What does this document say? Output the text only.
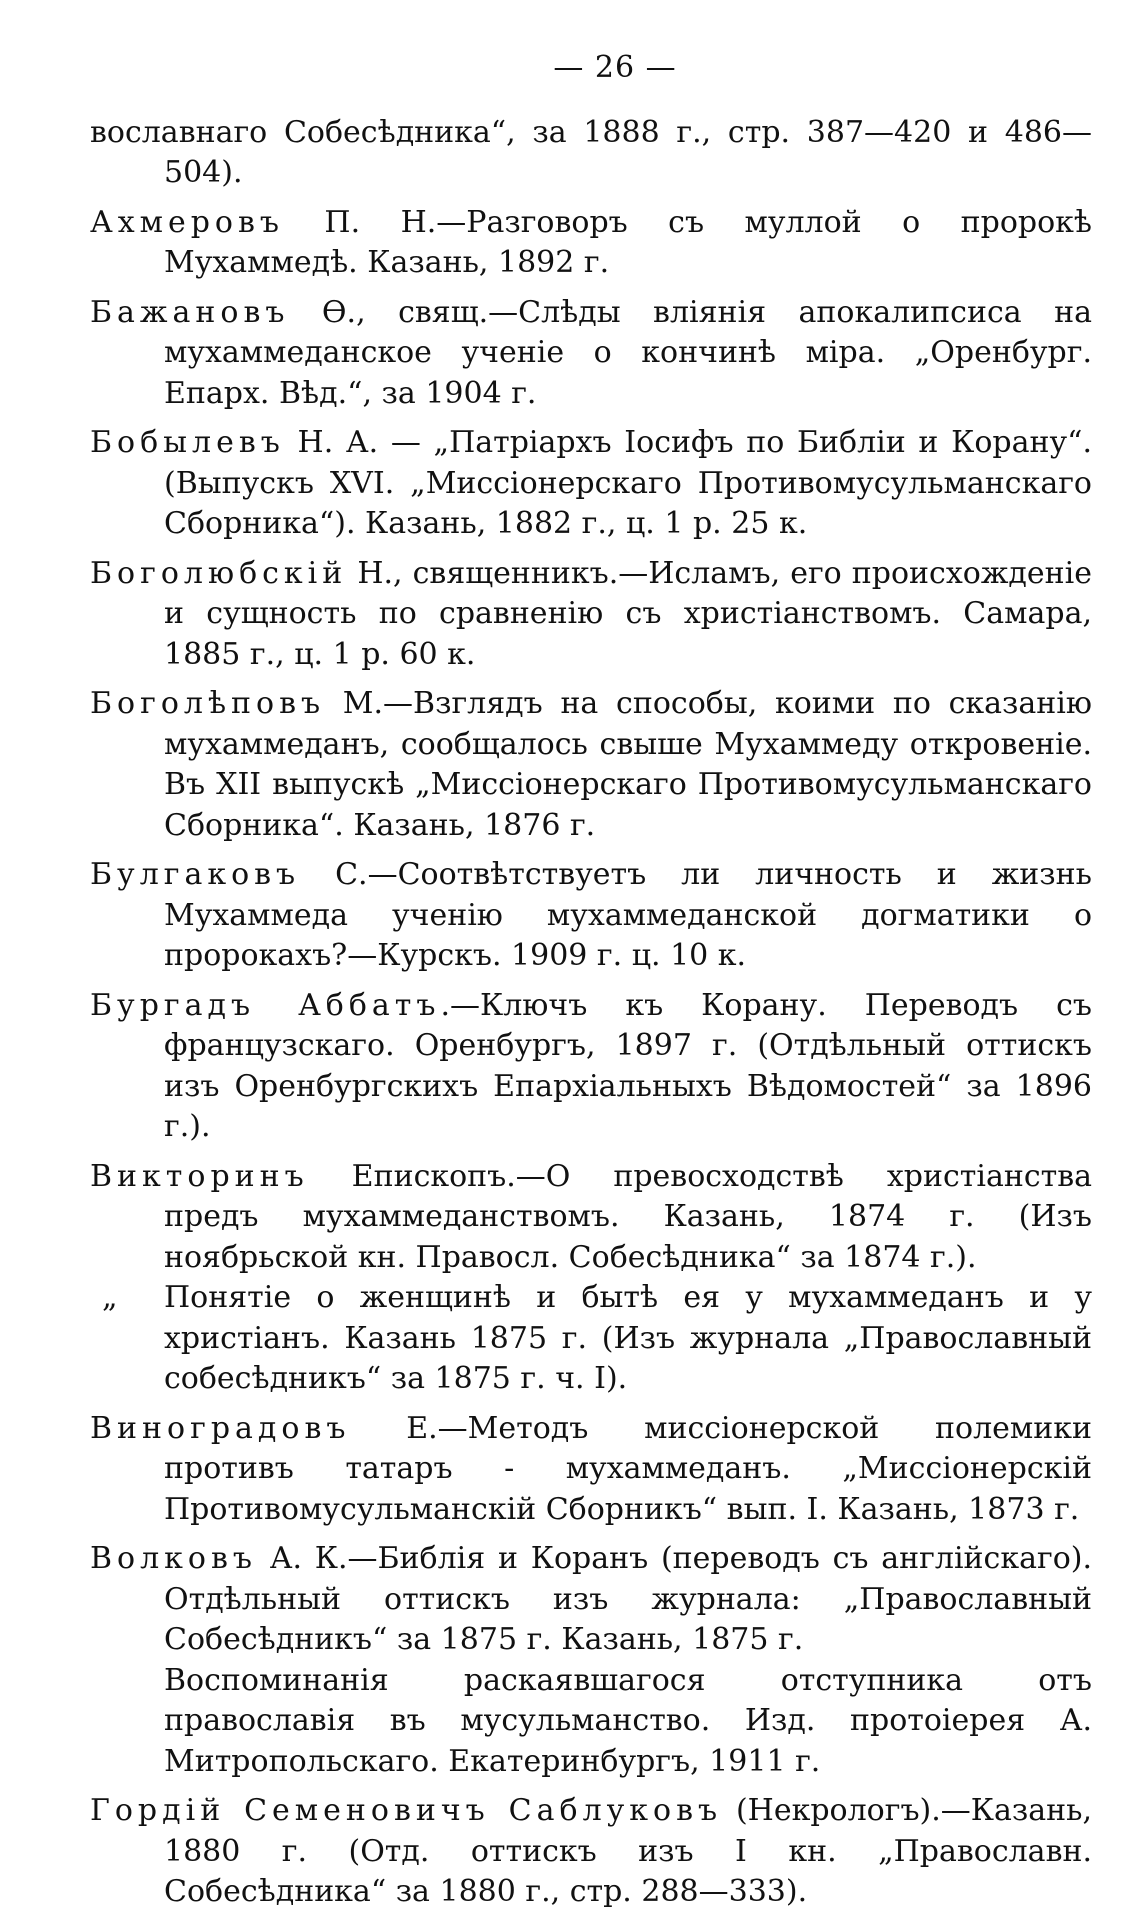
— 26 —
вославнаго Собесѣдника“, за 1888 г., стр. 387—420 и 486—504).
Ахмеровъ П. Н.—Разговоръ съ муллой о пророкѣ Мухаммедѣ. Казань, 1892 г.
Бажановъ Ѳ., свящ.—Слѣды вліянія апокалипсиса на мухаммеданское ученіе о кончинѣ міра. „Оренбург. Епарх. Вѣд.“, за 1904 г.
Бобылевъ Н. А. — „Патріархъ Іосифъ по Библіи и Корану“. (Выпускъ XVI. „Миссіонерскаго Противомусульманскаго Сборника“). Казань, 1882 г., ц. 1 р. 25 к.
Боголюбскій Н., священникъ.—Исламъ, его происхожденіе и сущность по сравненію съ христіанствомъ. Самара, 1885 г., ц. 1 р. 60 к.
Боголѣповъ М.—Взглядъ на способы, коими по сказанію мухаммеданъ, сообщалось свыше Мухаммеду откровеніе. Въ XII выпускѣ „Миссіонерскаго Противомусульманскаго Сборника“. Казань, 1876 г.
Булгаковъ С.—Соотвѣтствуетъ ли личность и жизнь Мухаммеда ученію мухаммеданской догматики о пророкахъ?—Курскъ. 1909 г. ц. 10 к.
Бургадъ Аббатъ.—Ключъ къ Корану. Переводъ съ французскаго. Оренбургъ, 1897 г. (Отдѣльный оттискъ изъ Оренбургскихъ Епархіальныхъ Вѣдомостей“ за 1896 г.).
Викторинъ Епископъ.—О превосходствѣ христіанства предъ мухаммеданствомъ. Казань, 1874 г. (Изъ ноябрьской кн. Правосл. Собесѣдника“ за 1874 г.).
„ Понятіе о женщинѣ и бытѣ ея у мухаммеданъ и у христіанъ. Казань 1875 г. (Изъ журнала „Православный собесѣдникъ“ за 1875 г. ч. I).
Виноградовъ Е.—Методъ миссіонерской полемики противъ татаръ - мухаммеданъ. „Миссіонерскій Противомусульманскій Сборникъ“ вып. I. Казань, 1873 г.
Волковъ А. К.—Библія и Коранъ (переводъ съ англійскаго). Отдѣльный оттискъ изъ журнала: „Православный Собесѣдникъ“ за 1875 г. Казань, 1875 г.
Воспоминанія раскаявшагося отступника отъ православія въ мусульманство. Изд. протоіерея А. Митропольскаго. Екатеринбургъ, 1911 г.
Гордій Семеновичъ Саблуковъ (Некрологъ).—Казань, 1880 г. (Отд. оттискъ изъ I кн. „Православн. Собесѣдника“ за 1880 г., стр. 288—333).
